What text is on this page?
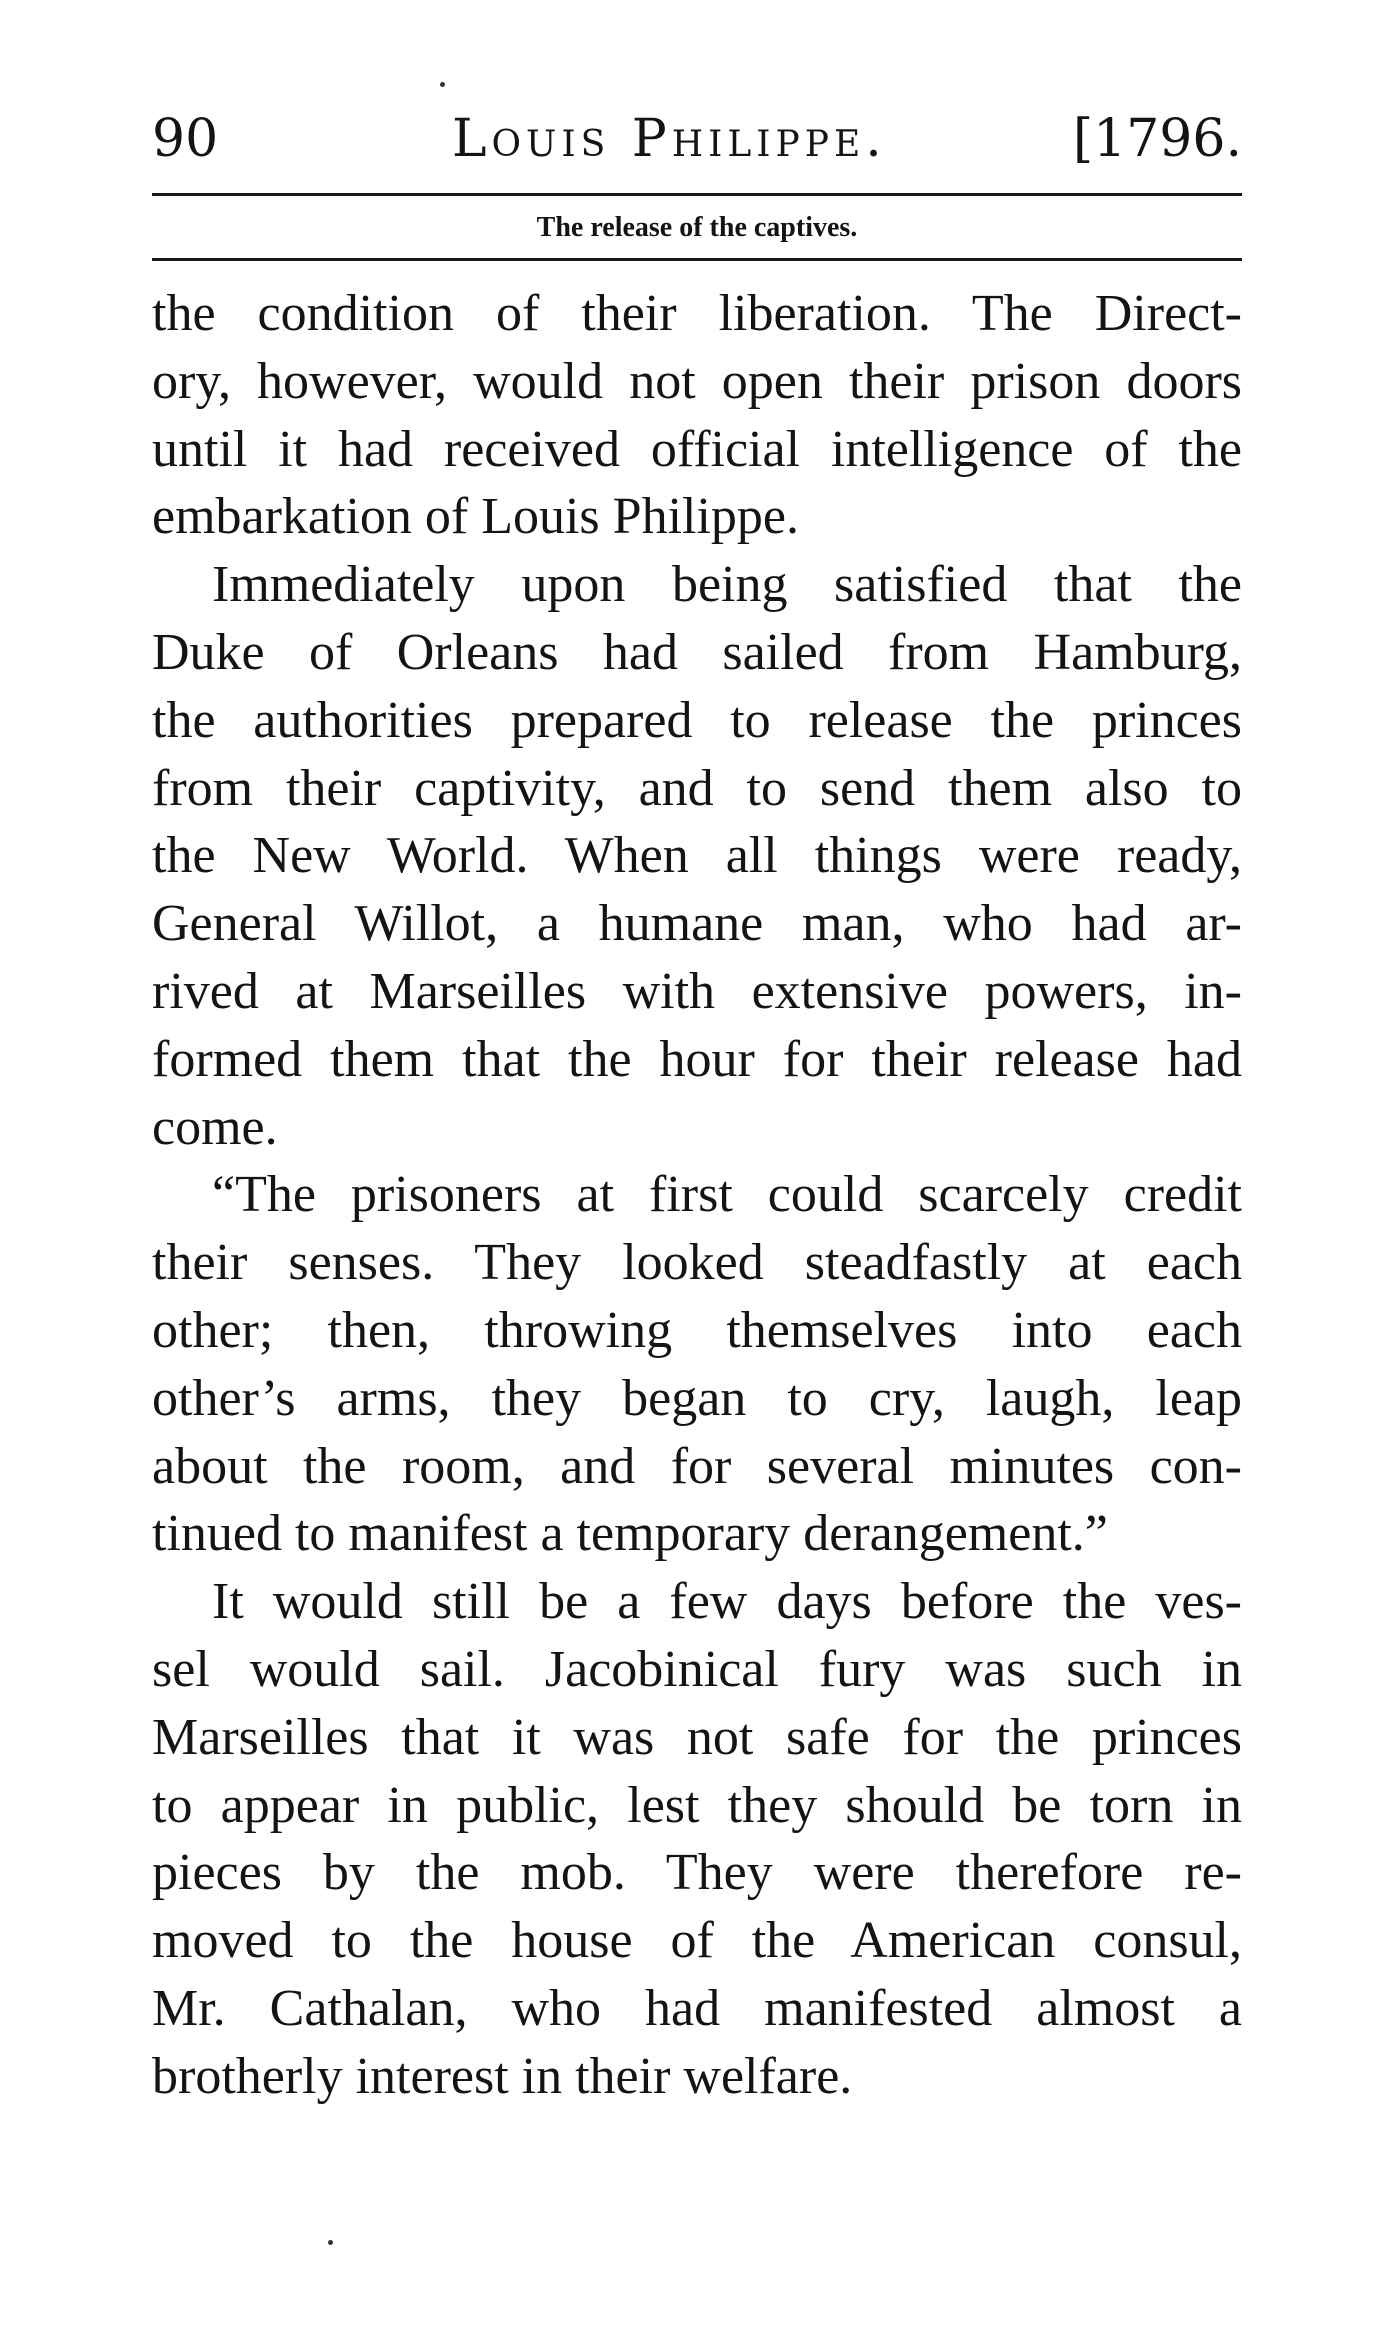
90	Louis Philippe.	[1796.
The release of the captives.
the condition of their liberation. The Direct-
ory, however, would not open their prison doors
until it had received official intelligence of the
embarkation of Louis Philippe.
Immediately upon being satisfied that the
Duke of Orleans had sailed from Hamburg,
the authorities prepared to release the princes
from their captivity, and to send them also to
the New World. When all things were ready,
General Willot, a humane man, who had ar-
rived at Marseilles with extensive powers, in-
formed them that the hour for their release had
come.
“The prisoners at first could scarcely credit
their senses. They looked steadfastly at each
other; then, throwing themselves into each
other’s arms, they began to cry, laugh, leap
about the room, and for several minutes con-
tinued to manifest a temporary derangement.”
It would still be a few days before the ves-
sel would sail. Jacobinical fury was such in
Marseilles that it was not safe for the princes
to appear in public, lest they should be torn in
pieces by the mob. They were therefore re-
moved to the house of the American consul,
Mr. Cathalan, who had manifested almost a
brotherly interest in their welfare.
